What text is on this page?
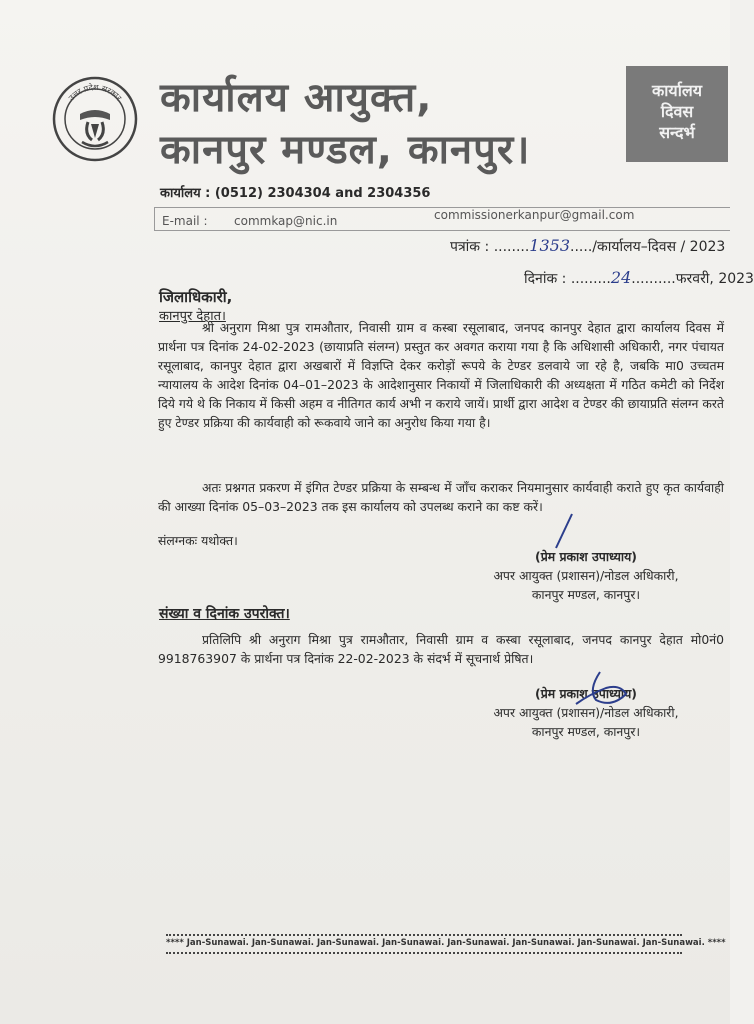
उत्तर प्रदेश सरकार कार्यालय आयुक्त,
कानपुर मण्डल, कानपुर।
कार्यालय
दिवस
सन्दर्भ
कार्यालय : (0512) 2304304 and 2304356
E-mail : commkap@nic.in	commissionerkanpur@gmail.com
पत्रांक : ........1353...../कार्यालय–दिवस / 2023
दिनांक : .........24..........फरवरी, 2023
जिलाधिकारी,
कानपुर देहात।
श्री अनुराग मिश्रा पुत्र रामऔतार, निवासी ग्राम व कस्बा रसूलाबाद, जनपद कानपुर देहात द्वारा कार्यालय दिवस में प्रार्थना पत्र दिनांक 24-02-2023 (छायाप्रति संलग्न) प्रस्तुत कर अवगत कराया गया है कि अधिशासी अधिकारी, नगर पंचायत रसूलाबाद, कानपुर देहात द्वारा अखबारों में विज्ञप्ति देकर करोड़ों रूपये के टेण्डर डलवाये जा रहे है, जबकि मा0 उच्चतम न्यायालय के आदेश दिनांक 04–01–2023 के आदेशानुसार निकायों में जिलाधिकारी की अध्यक्षता में गठित कमेटी को निर्देश दिये गये थे कि निकाय में किसी अहम व नीतिगत कार्य अभी न कराये जायें। प्रार्थी द्वारा आदेश व टेण्डर की छायाप्रति संलग्न करते हुए टेण्डर प्रक्रिया की कार्यवाही को रूकवाये जाने का अनुरोध किया गया है।
अतः प्रश्नगत प्रकरण में इंगित टेण्डर प्रक्रिया के सम्बन्ध में जाँच कराकर नियमानुसार कार्यवाही कराते हुए कृत कार्यवाही की आख्या दिनांक 05–03–2023 तक इस कार्यालय को उपलब्ध कराने का कष्ट करें।
संलग्नकः यथोक्त।
(प्रेम प्रकाश उपाध्याय)
अपर आयुक्त (प्रशासन)/नोडल अधिकारी,
कानपुर मण्डल, कानपुर।
संख्या व दिनांक उपरोक्त।
प्रतिलिपि श्री अनुराग मिश्रा पुत्र रामऔतार, निवासी ग्राम व कस्बा रसूलाबाद, जनपद कानपुर देहात मो0नं0 9918763907 के प्रार्थना पत्र दिनांक 22-02-2023 के संदर्भ में सूचनार्थ प्रेषित।
(प्रेम प्रकाश उपाध्याय)
अपर आयुक्त (प्रशासन)/नोडल अधिकारी,
कानपुर मण्डल, कानपुर।
**** Jan-Sunawai. Jan-Sunawai. Jan-Sunawai. Jan-Sunawai. Jan-Sunawai. Jan-Sunawai. Jan-Sunawai. Jan-Sunawai. ****
